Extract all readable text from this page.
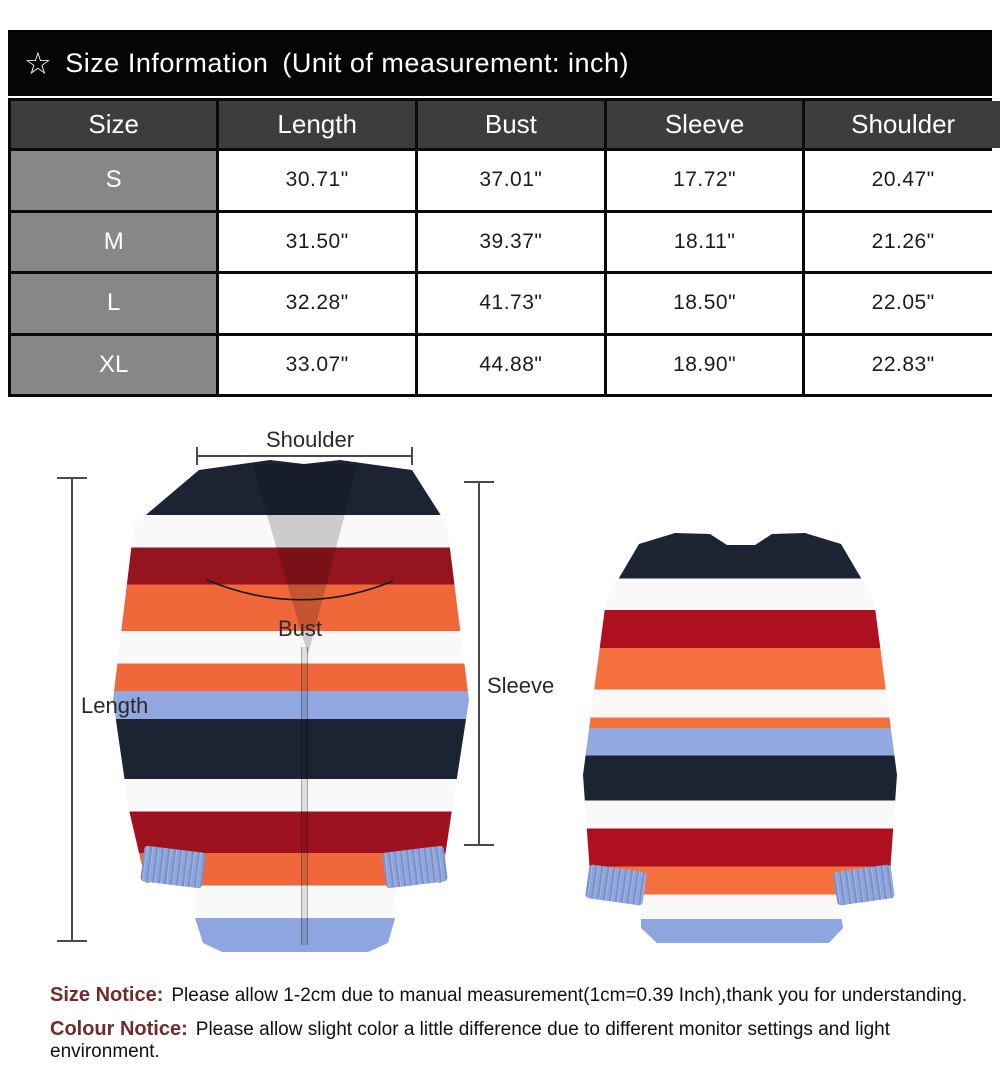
☆ Size Information (Unit of measurement: inch)
Size	Length	Bust	Sleeve	Shoulder
S	30.71"	37.01"	17.72"	20.47"
M	31.50"	39.37"	18.11"	21.26"
L	32.28"	41.73"	18.50"	22.05"
XL	33.07"	44.88"	18.90"	22.83"
Shoulder
Bust
Length
Sleeve
Size Notice: Please allow 1-2cm due to manual measurement(1cm=0.39 Inch),thank you for understanding.
Colour Notice: Please allow slight color a little difference due to different monitor settings and light environment.
